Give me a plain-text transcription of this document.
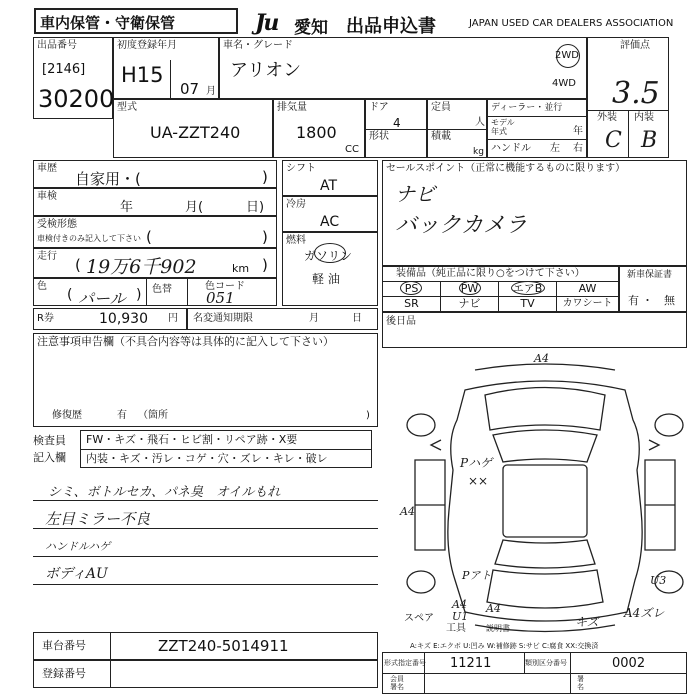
車内保管・守衛保管	Ju 愛知 出品申込書	JAPAN USED CAR DEALERS ASSOCIATION
出品番号
[2146]
30200
初度登録年月
H15
07 月
車名・グレード
アリオン
2WD
4WD
評価点
3.5
外装 内装
C B
型式
UA-ZZT240
排気量
1800
CC
ドア
4
形状
定員
人
積載
kg
ディーラー・並行
モデル
年式	年
ハンドル 左 右
車歴
自家用・(	)
車検
年	月(	日)
受検形態
車検付きのみ記入して下さい (	)
走行 ( 19万6千902	km )
色
( パール ) 色替	色コード
051
シフト
AT
冷房
AC
燃料
ガソリン
軽 油
R券	10,930 円 名変通知期限	月	日
セールスポイント（正常に機能するものに限ります）
ナビ
バックカメラ
装備品（純正品に限り○をつけて下さい）
PS	PW	エアB	AW
SR	ナビ	TV	カワシート
新車保証書
有 ・ 無
後日品
注意事項申告欄（不具合内容等は具体的に記入して下さい）
修復歴	有 （箇所	)
検査員
記入欄
FW・キズ・飛石・ヒビ割・リペア跡・X要
内装・キズ・汚レ・コゲ・穴・ズレ・キレ・破レ
シミ、ボトルセカ、パネ臭　オイルもれ
左目ミラー不良
ハンドルハゲ
ボディAU
車台番号	ZZT240-5014911
登録番号
A4
Pハゲ
××
A4
U3
Pアト
A4
U1
A4	A4ズレ
キズ
スペア
工具	説明書
A:キズ E:エクボ U:凹み W:補修跡 S:サビ C:腐食 XX:交換済
形式指定番号 11211	類別区分番号	0002
会員
署名
署
名
